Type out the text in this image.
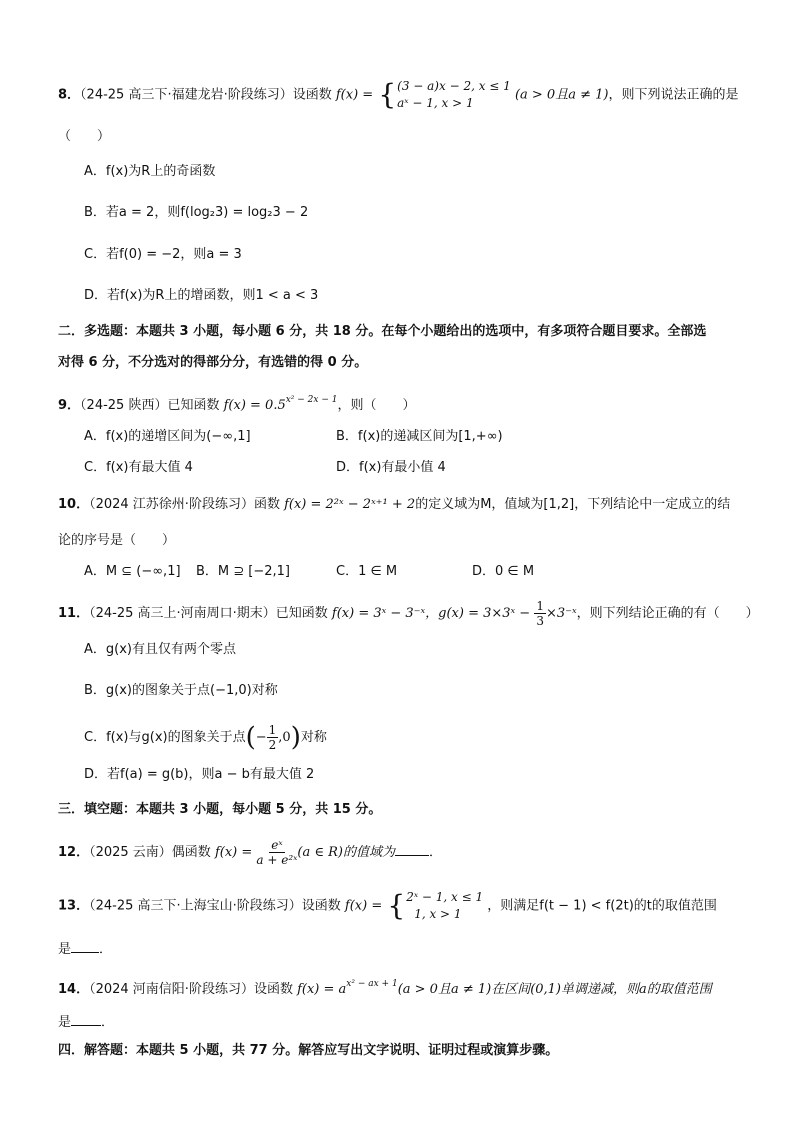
8．（24-25 高三下·福建龙岩·阶段练习）设函数 f(x) = { (3 − a)x − 2, x ≤ 1
aˣ − 1, x > 1
(a > 0且a ≠ 1)，则下列说法正确的是
（　　）
A．f(x)为R上的奇函数
B．若a = 2，则f(log₂3) = log₂3 − 2
C．若f(0) = −2，则a = 3
D．若f(x)为R上的增函数，则1 < a < 3
二．多选题：本题共 3 小题，每小题 6 分，共 18 分。在每个小题给出的选项中，有多项符合题目要求。全部选
对得 6 分，不分选对的得部分分，有选错的得 0 分。
9．（24-25 陕西）已知函数 $f(x) = 0.5^{x^2 - 2x - 1}$，则（　　）
A．f(x)的递增区间为(−∞,1]	B．f(x)的递减区间为[1,+∞)
C．f(x)有最大值 4	D．f(x)有最小值 4
10．（2024 江苏徐州·阶段练习）函数 f(x) = 2²ˣ − 2ˣ⁺¹ + 2的定义域为M，值域为[1,2]，下列结论中一定成立的结
论的序号是（　　）
A．M ⊆ (−∞,1] B．M ⊇ [−2,1]	C．1 ∈ M	D．0 ∈ M
11．（24-25 高三上·河南周口·期末）已知函数 f(x) = 3ˣ − 3⁻ˣ，g(x) = 3×3ˣ − $\frac{1}{3}$ ×3⁻ˣ，则下列结论正确的有（　　）
A．g(x)有且仅有两个零点
B．g(x)的图象关于点(−1,0)对称
C．f(x)与g(x)的图象关于点(− $\frac{1}{2} ,0$)对称
D．若f(a) = g(b)，则a − b有最大值 2
三．填空题：本题共 3 小题，每小题 5 分，共 15 分。
12．（2025 云南）偶函数 $f(x) = \frac{\text{eˣ}}{\text{a + e²ˣ}} (a$ ∈ R)的值域为	．
13．（24-25 高三下·上海宝山·阶段练习）设函数 f(x) = { 2ˣ − 1, x ≤ 1
1, x > 1
，则满足f(t − 1) < f(2t)的t的取值范围
是 ．
14．（2024 河南信阳·阶段练习）设函数 $f(x) = a^{x^2 - ax + 1}(a > 0$且a ≠ 1)在区间(0,1)单调递减，则a的取值范围
是 ．
四．解答题：本题共 5 小题，共 77 分。解答应写出文字说明、证明过程或演算步骤。
